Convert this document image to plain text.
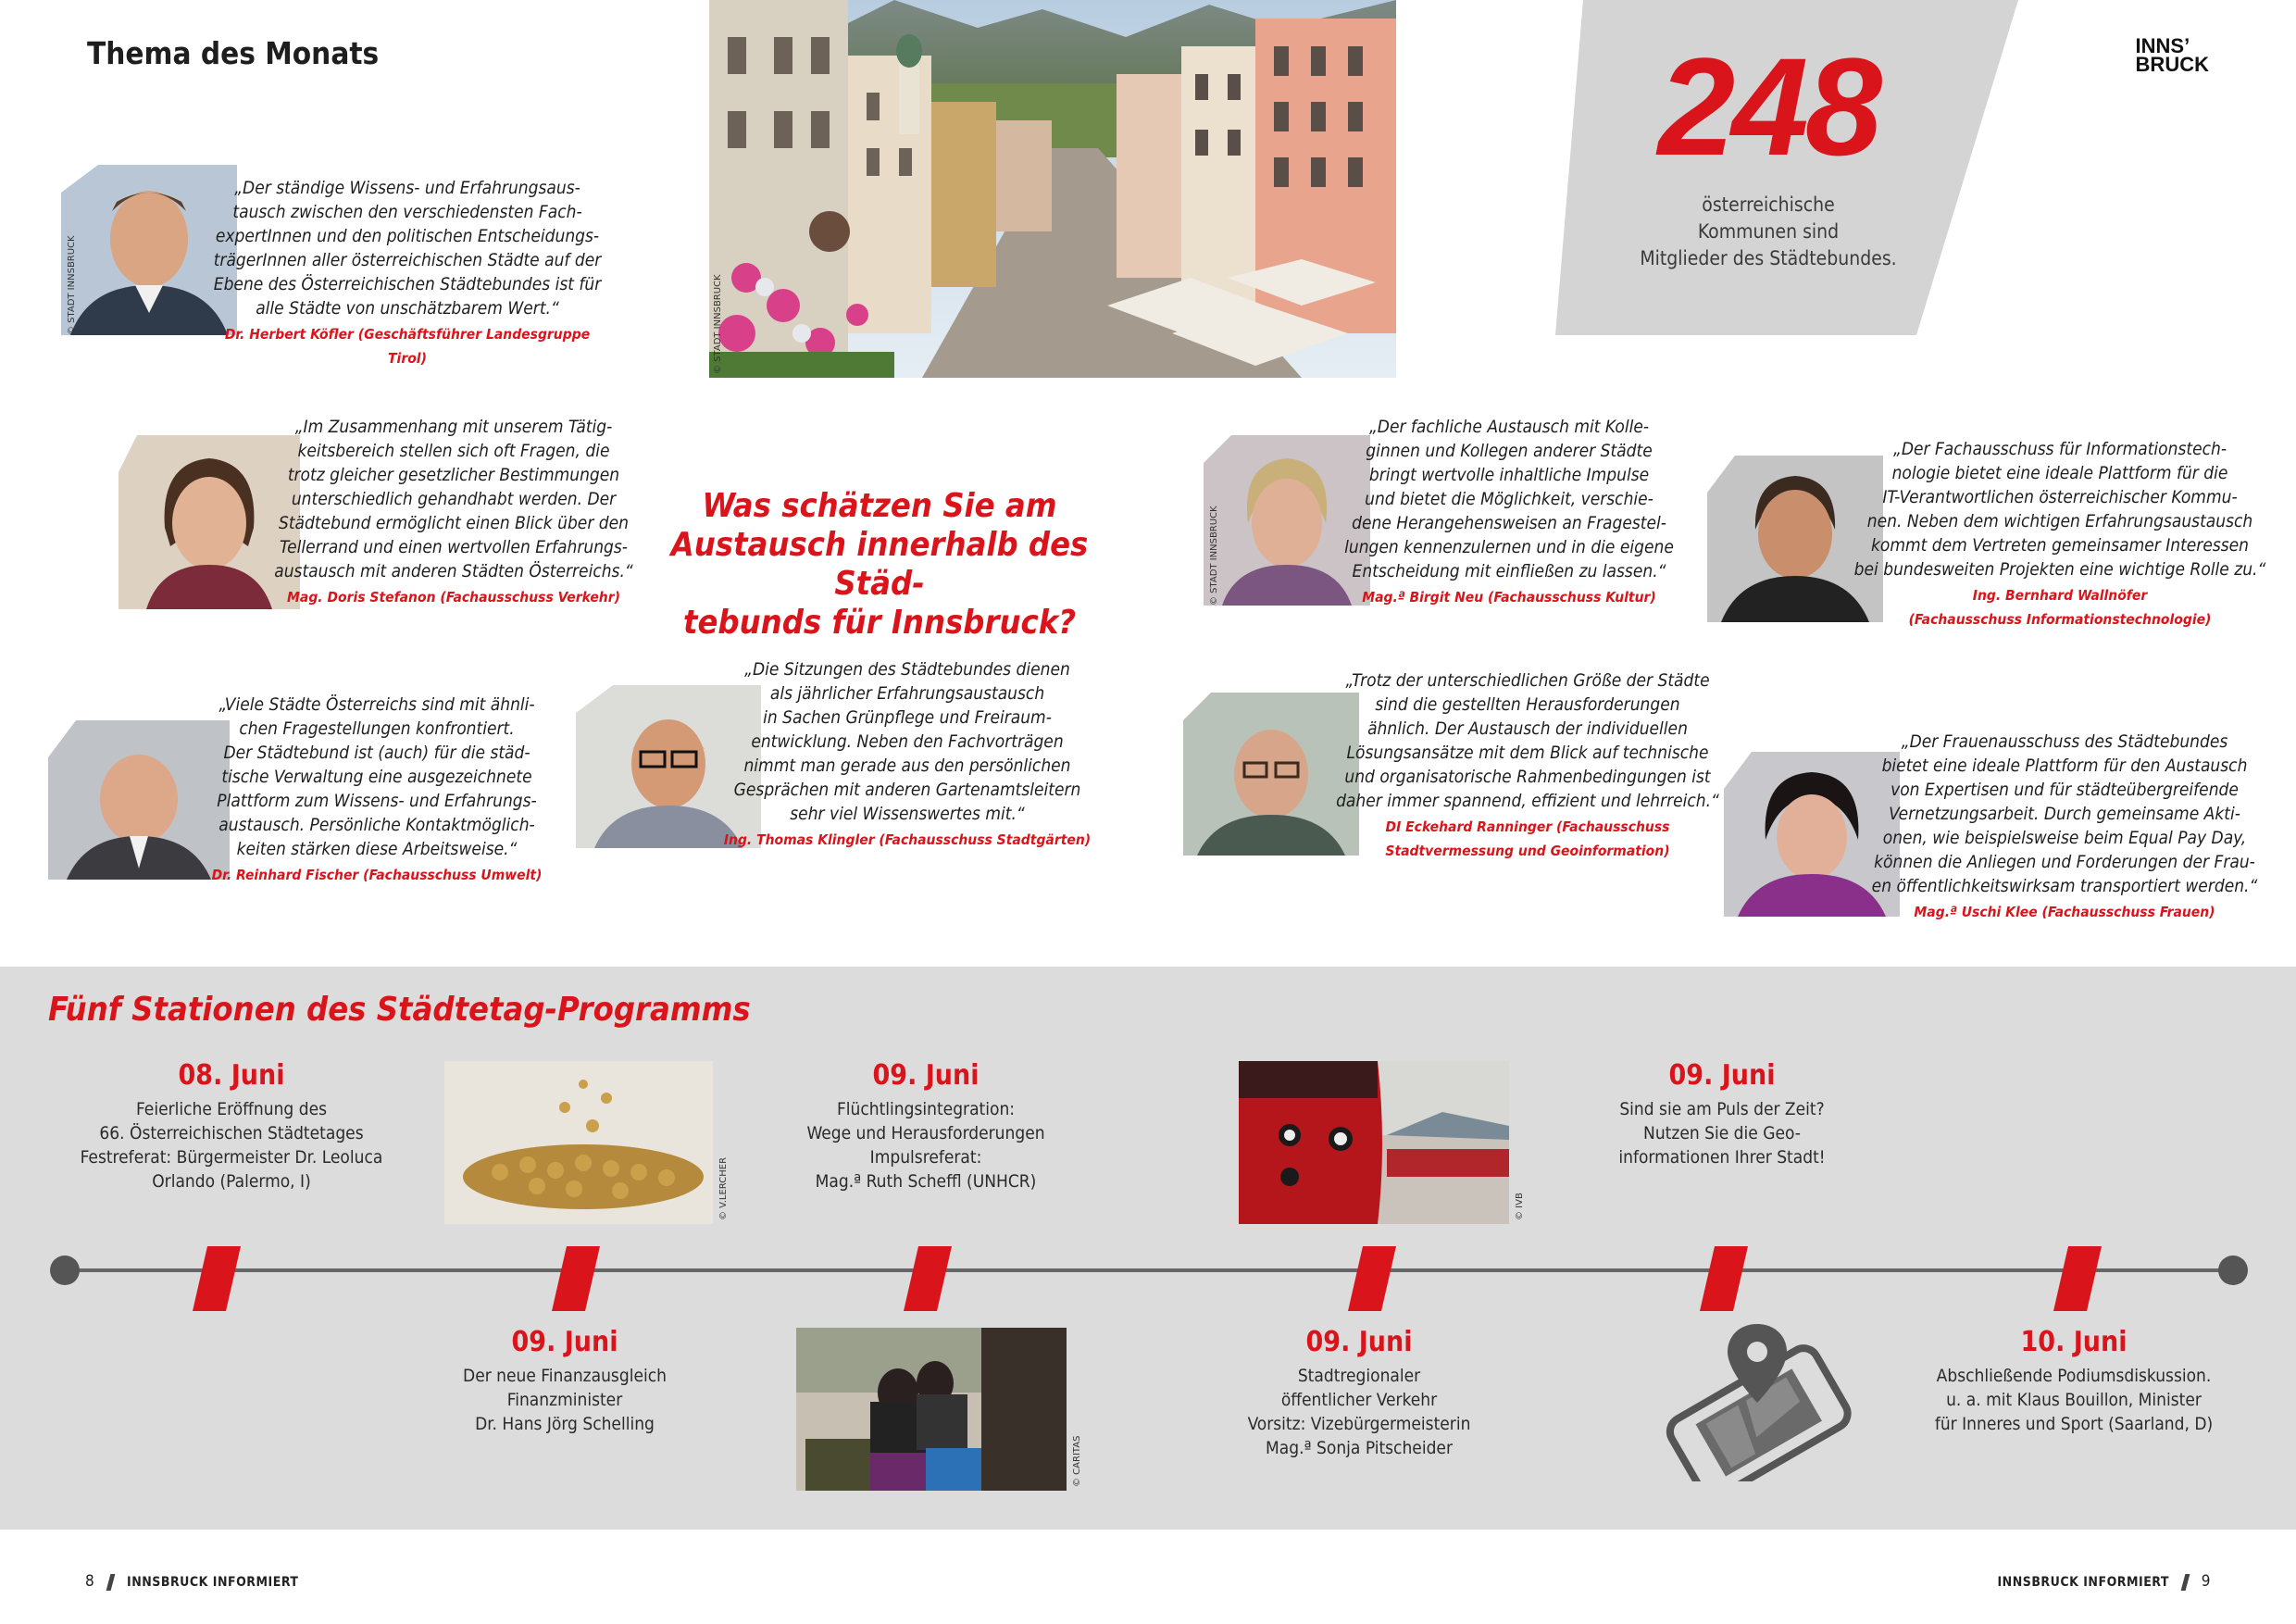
Thema des Monats	INNS’
BRUCK
© STADT INNSBRUCK
248
österreichische
Kommunen sind
Mitglieder des Städtebundes.
Was schätzen Sie am
Austausch innerhalb des Städ-
tebunds für Innsbruck?
© STADT INNSBRUCK
„Der ständige Wissens- und Erfahrungsaus-
tausch zwischen den verschiedensten Fach-
expertInnen und den politischen Entscheidungs-
trägerInnen aller österreichischen Städte auf der
Ebene des Österreichischen Städtebundes ist für
alle Städte von unschätzbarem Wert.“
Dr. Herbert Köfler (Geschäftsführer Landesgruppe Tirol)
„Im Zusammenhang mit unserem Tätig-
keitsbereich stellen sich oft Fragen, die
trotz gleicher gesetzlicher Bestimmungen
unterschiedlich gehandhabt werden. Der
Städtebund ermöglicht einen Blick über den
Tellerrand und einen wertvollen Erfahrungs-
austausch mit anderen Städten Österreichs.“
Mag. Doris Stefanon (Fachausschuss Verkehr)	© STADT INNSBRUCK
„Der fachliche Austausch mit Kolle-
ginnen und Kollegen anderer Städte
bringt wertvolle inhaltliche Impulse
und bietet die Möglichkeit, verschie-
dene Herangehensweisen an Fragestel-
lungen kennenzulernen und in die eigene
Entscheidung mit einfließen zu lassen.“
Mag.ª Birgit Neu (Fachausschuss Kultur)
„Der Fachausschuss für Informationstech-
nologie bietet eine ideale Plattform für die
IT-Verantwortlichen österreichischer Kommu-
nen. Neben dem wichtigen Erfahrungsaustausch
kommt dem Vertreten gemeinsamer Interessen
bei bundesweiten Projekten eine wichtige Rolle zu.“
Ing. Bernhard Wallnöfer
(Fachausschuss Informationstechnologie)
„Viele Städte Österreichs sind mit ähnli-
chen Fragestellungen konfrontiert.
Der Städtebund ist (auch) für die städ-
tische Verwaltung eine ausgezeichnete
Plattform zum Wissens- und Erfahrungs-
austausch. Persönliche Kontaktmöglich-
keiten stärken diese Arbeitsweise.“
Dr. Reinhard Fischer (Fachausschuss Umwelt)
„Die Sitzungen des Städtebundes dienen
als jährlicher Erfahrungsaustausch
in Sachen Grünpflege und Freiraum-
entwicklung. Neben den Fachvorträgen
nimmt man gerade aus den persönlichen
Gesprächen mit anderen Gartenamtsleitern
sehr viel Wissenswertes mit.“
Ing. Thomas Klingler (Fachausschuss Stadtgärten)
„Trotz der unterschiedlichen Größe der Städte
sind die gestellten Herausforderungen
ähnlich. Der Austausch der individuellen
Lösungsansätze mit dem Blick auf technische
und organisatorische Rahmenbedingungen ist
daher immer spannend, effizient und lehrreich.“
DI Eckehard Ranninger (Fachausschuss
Stadtvermessung und Geoinformation)
„Der Frauenausschuss des Städtebundes
bietet eine ideale Plattform für den Austausch
von Expertisen und für städteübergreifende
Vernetzungsarbeit. Durch gemeinsame Akti-
onen, wie beispielsweise beim Equal Pay Day,
können die Anliegen und Forderungen der Frau-
en öffentlichkeitswirksam transportiert werden.“
Mag.ª Uschi Klee (Fachausschuss Frauen)
Fünf Stationen des Städtetag-Programms
08. Juni
Feierliche Eröffnung des
66. Österreichischen Städtetages
Festreferat: Bürgermeister Dr. Leoluca
Orlando (Palermo, I)
09. Juni
Der neue Finanzausgleich
Finanzminister
Dr. Hans Jörg Schelling
09. Juni
Flüchtlingsintegration:
Wege und Herausforderungen
Impulsreferat:
Mag.ª Ruth Scheffl (UNHCR)
09. Juni
Stadtregionaler
öffentlicher Verkehr
Vorsitz: Vizebürgermeisterin
Mag.ª Sonja Pitscheider
09. Juni
Sind sie am Puls der Zeit?
Nutzen Sie die Geo-
informationen Ihrer Stadt!
10. Juni
Abschließende Podiumsdiskussion.
u. a. mit Klaus Bouillon, Minister
für Inneres und Sport (Saarland, D)
© V.LERCHER
© CARITAS
© IVB
8 INNSBRUCK INFORMIERT	INNSBRUCK INFORMIERT 9
